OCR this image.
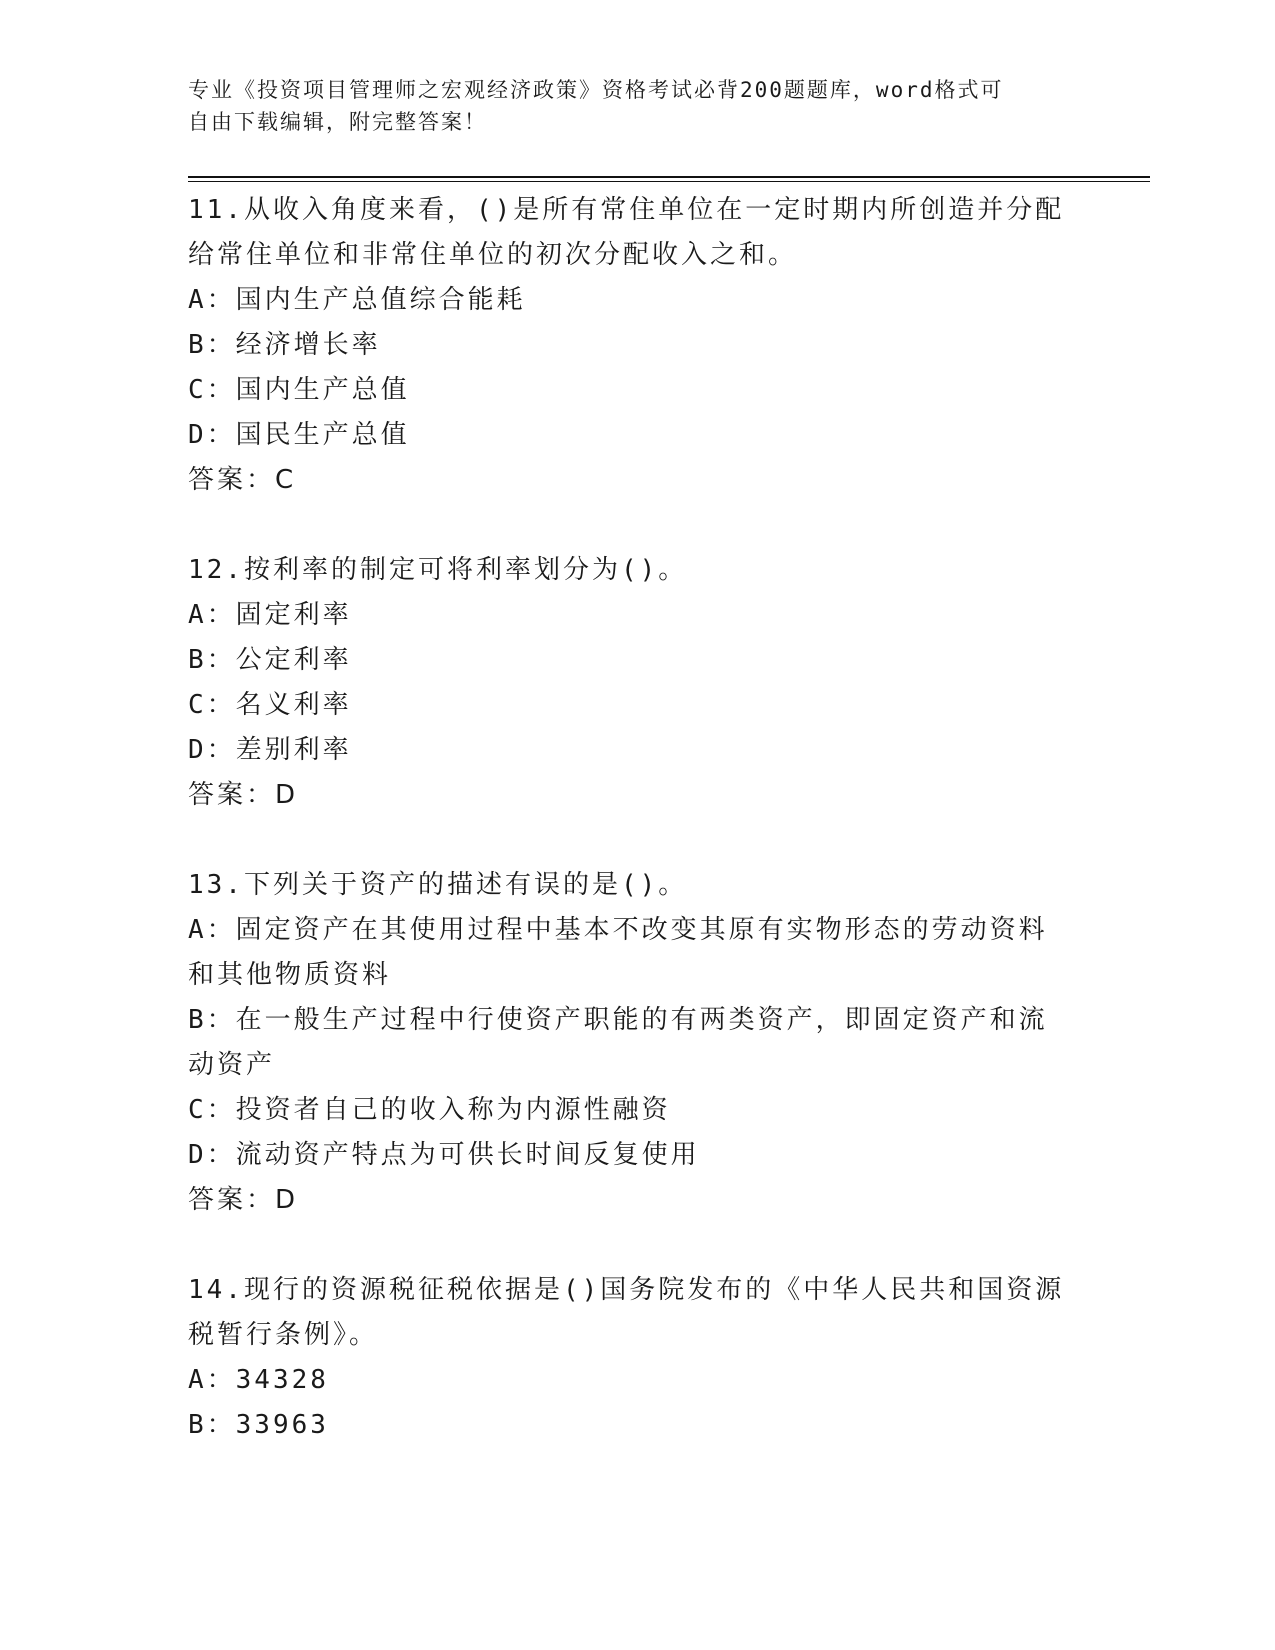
专业《投资项目管理师之宏观经济政策》资格考试必背200题题库，word格式可
自由下载编辑，附完整答案！

11.从收入角度来看，()是所有常住单位在一定时期内所创造并分配给常住单位和非常住单位的初次分配收入之和。

A：国内生产总值综合能耗

B：经济增长率

C：国内生产总值

D：国民生产总值

答案：C

12.按利率的制定可将利率划分为()。

A：固定利率

B：公定利率

C：名义利率

D：差别利率

答案：D

13.下列关于资产的描述有误的是()。

A：固定资产在其使用过程中基本不改变其原有实物形态的劳动资料和其他物质资料

B：在一般生产过程中行使资产职能的有两类资产，即固定资产和流动资产

C：投资者自己的收入称为内源性融资

D：流动资产特点为可供长时间反复使用

答案：D

14.现行的资源税征税依据是()国务院发布的《中华人民共和国资源税暂行条例》。

A：34328

B：33963
